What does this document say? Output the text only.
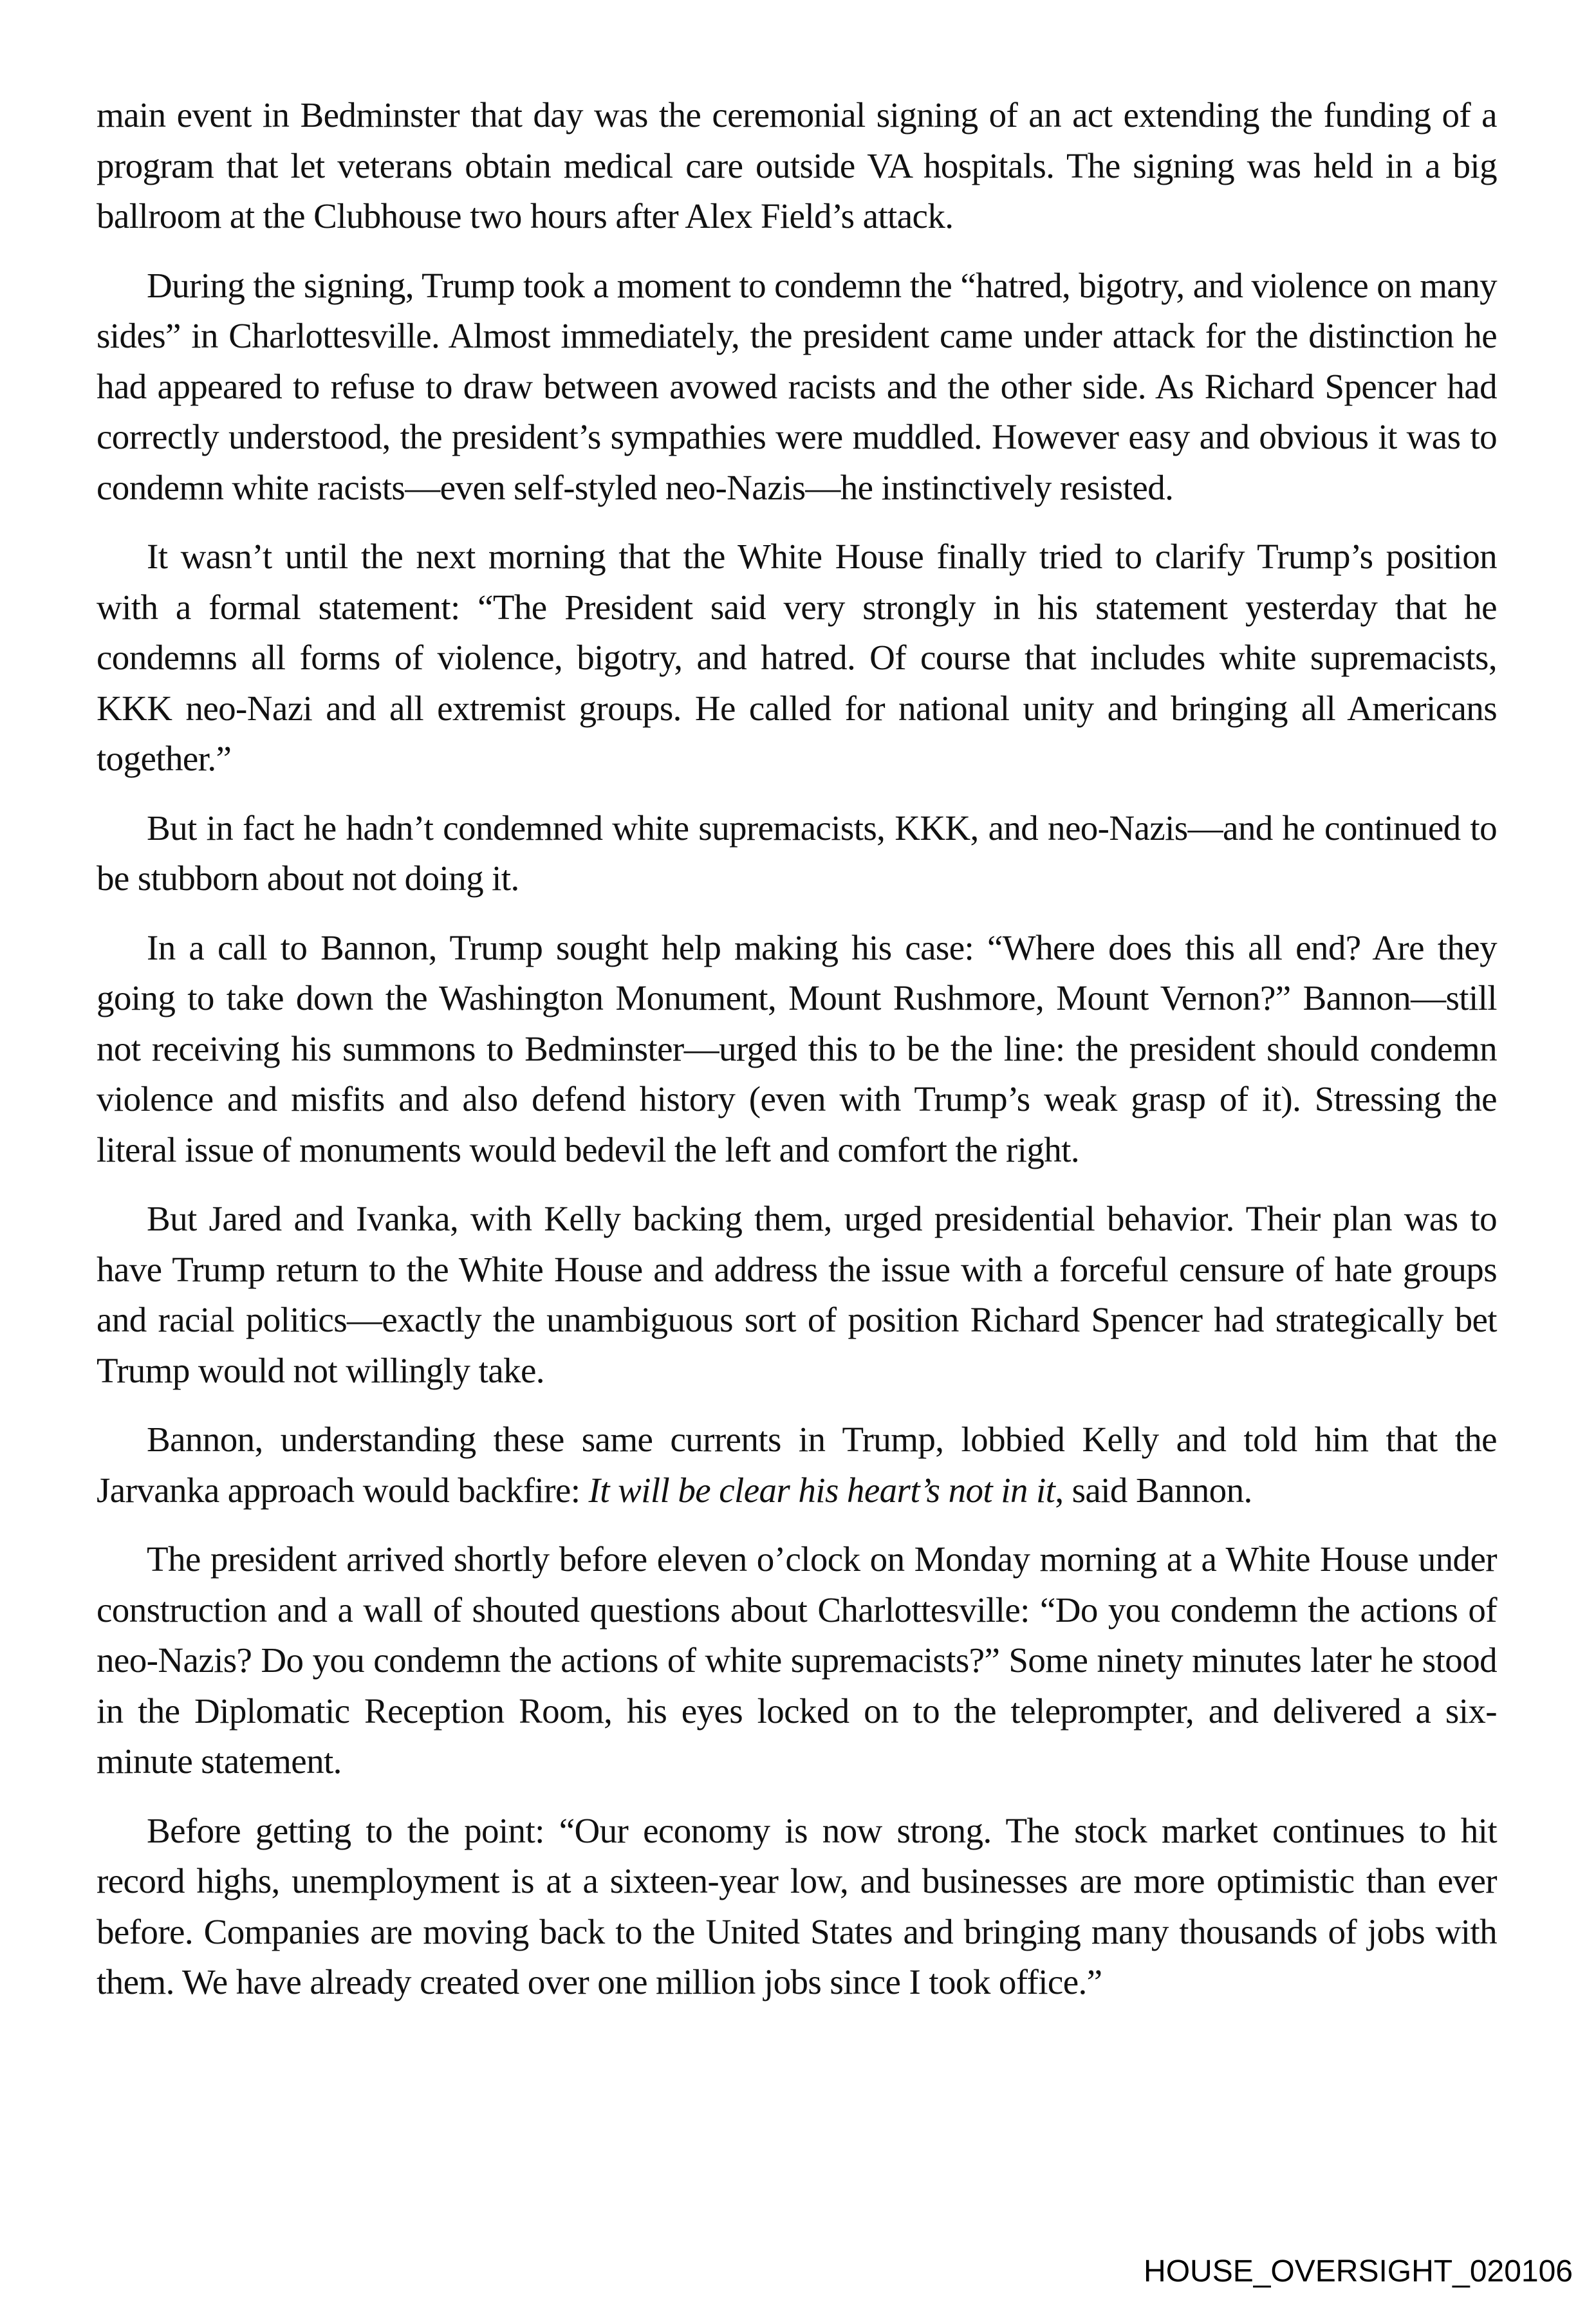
main event in Bedminster that day was the ceremonial signing of an act extending the funding of a program that let veterans obtain medical care outside VA hospitals. The signing was held in a big ballroom at the Clubhouse two hours after Alex Field’s attack.

During the signing, Trump took a moment to condemn the “hatred, bigotry, and violence on many sides” in Charlottesville. Almost immediately, the president came under attack for the distinction he had appeared to refuse to draw between avowed racists and the other side. As Richard Spencer had correctly understood, the president’s sympathies were muddled. However easy and obvious it was to condemn white racists—even self-styled neo-Nazis—he instinctively resisted.

It wasn’t until the next morning that the White House finally tried to clarify Trump’s position with a formal statement: “The President said very strongly in his statement yesterday that he condemns all forms of violence, bigotry, and hatred. Of course that includes white supremacists, KKK neo-Nazi and all extremist groups. He called for national unity and bringing all Americans together.”

But in fact he hadn’t condemned white supremacists, KKK, and neo-Nazis—and he continued to be stubborn about not doing it.

In a call to Bannon, Trump sought help making his case: “Where does this all end? Are they going to take down the Washington Monument, Mount Rushmore, Mount Vernon?” Bannon—still not receiving his summons to Bedminster—urged this to be the line: the president should condemn violence and misfits and also defend history (even with Trump’s weak grasp of it). Stressing the literal issue of monuments would bedevil the left and comfort the right.

But Jared and Ivanka, with Kelly backing them, urged presidential behavior. Their plan was to have Trump return to the White House and address the issue with a forceful censure of hate groups and racial politics—exactly the unambiguous sort of position Richard Spencer had strategically bet Trump would not willingly take.

Bannon, understanding these same currents in Trump, lobbied Kelly and told him that the Jarvanka approach would backfire: It will be clear his heart’s not in it, said Bannon.

The president arrived shortly before eleven o’clock on Monday morning at a White House under construction and a wall of shouted questions about Charlottesville: “Do you condemn the actions of neo-Nazis? Do you condemn the actions of white supremacists?” Some ninety minutes later he stood in the Diplomatic Reception Room, his eyes locked on to the teleprompter, and delivered a six-minute statement.

Before getting to the point: “Our economy is now strong. The stock market continues to hit record highs, unemployment is at a sixteen-year low, and businesses are more optimistic than ever before. Companies are moving back to the United States and bringing many thousands of jobs with them. We have already created over one million jobs since I took office.”

HOUSE_OVERSIGHT_020106
